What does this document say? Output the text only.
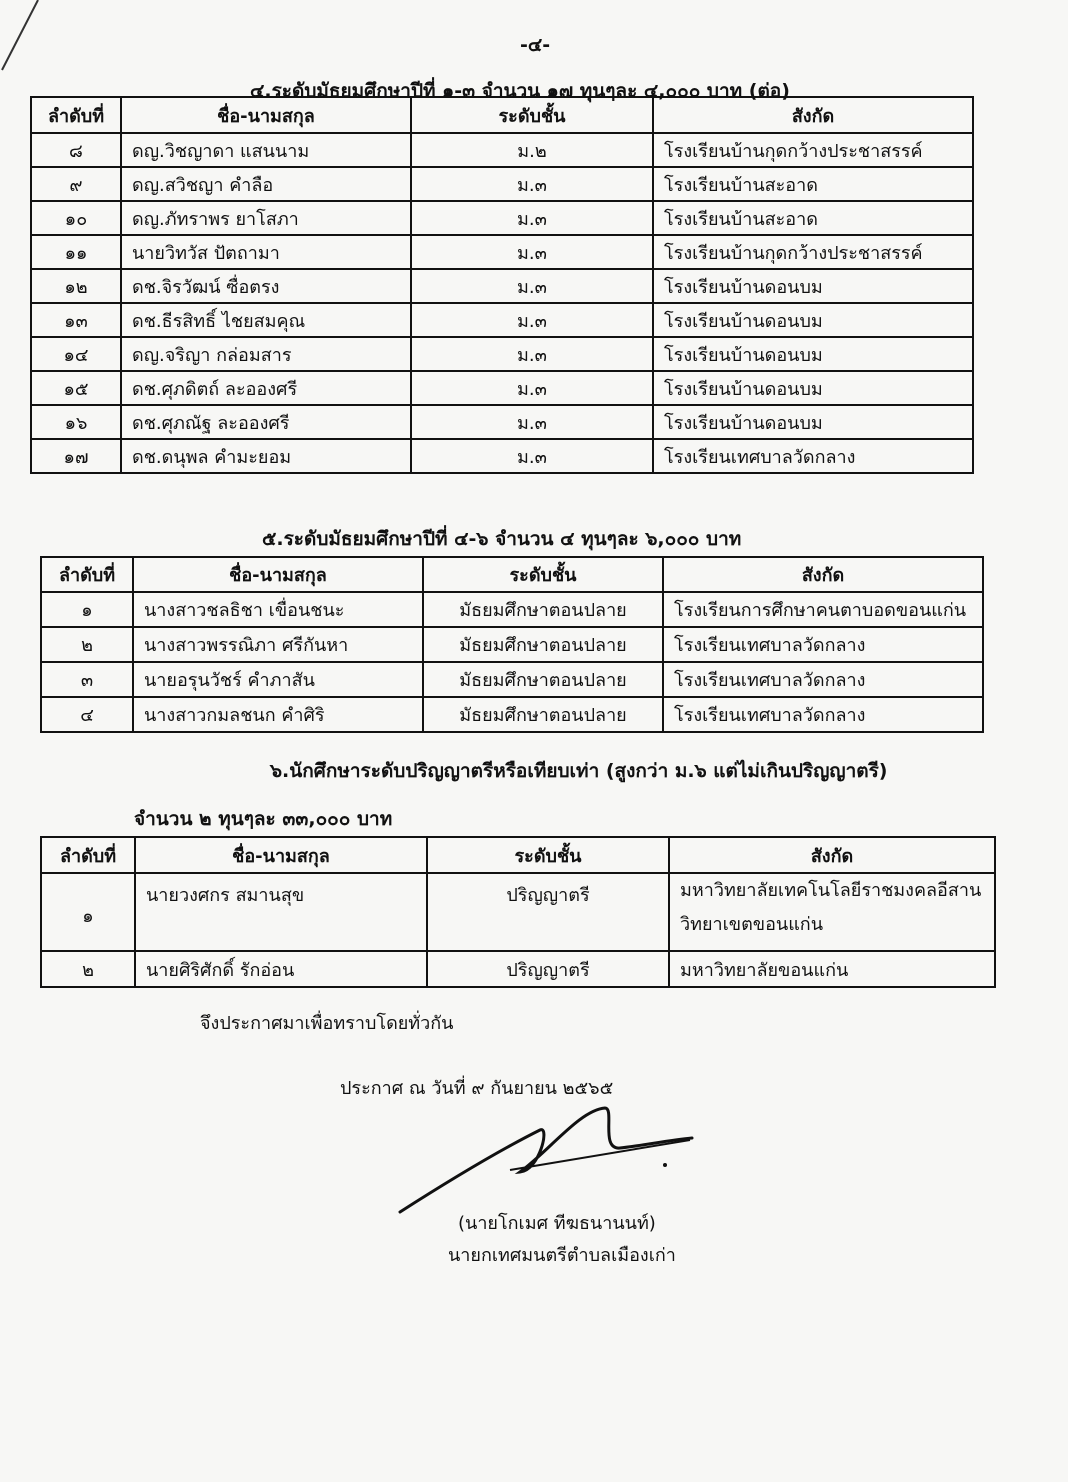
-๔-
๔.ระดับมัธยมศึกษาปีที่ ๑-๓ จำนวน ๑๗ ทุนๆละ ๔,๐๐๐ บาท (ต่อ)
ลำดับที่	ชื่อ-นามสกุล	ระดับชั้น	สังกัด
๘	ดญ.วิชญาดา แสนนาม	ม.๒	โรงเรียนบ้านกุดกว้างประชาสรรค์
๙	ดญ.สวิชญา คำลือ	ม.๓	โรงเรียนบ้านสะอาด
๑๐	ดญ.ภัทราพร ยาโสภา	ม.๓	โรงเรียนบ้านสะอาด
๑๑	นายวิทวัส ปัตถามา	ม.๓	โรงเรียนบ้านกุดกว้างประชาสรรค์
๑๒	ดช.จิรวัฒน์ ซื่อตรง	ม.๓	โรงเรียนบ้านดอนบม
๑๓	ดช.ธีรสิทธิ์ ไชยสมคุณ	ม.๓	โรงเรียนบ้านดอนบม
๑๔	ดญ.จริญา กล่อมสาร	ม.๓	โรงเรียนบ้านดอนบม
๑๕	ดช.ศุภดิตถ์ ละอองศรี	ม.๓	โรงเรียนบ้านดอนบม
๑๖	ดช.ศุภณัฐ ละอองศรี	ม.๓	โรงเรียนบ้านดอนบม
๑๗	ดช.ดนุพล คำมะยอม	ม.๓	โรงเรียนเทศบาลวัดกลาง
๕.ระดับมัธยมศึกษาปีที่ ๔-๖ จำนวน ๔ ทุนๆละ ๖,๐๐๐ บาท
ลำดับที่	ชื่อ-นามสกุล	ระดับชั้น	สังกัด
๑	นางสาวชลธิชา เขื่อนชนะ	มัธยมศึกษาตอนปลาย	โรงเรียนการศึกษาคนตาบอดขอนแก่น
๒	นางสาวพรรณิภา ศรีกันหา	มัธยมศึกษาตอนปลาย	โรงเรียนเทศบาลวัดกลาง
๓	นายอรุนวัชร์ คำภาสัน	มัธยมศึกษาตอนปลาย	โรงเรียนเทศบาลวัดกลาง
๔	นางสาวกมลชนก คำศิริ	มัธยมศึกษาตอนปลาย	โรงเรียนเทศบาลวัดกลาง
๖.นักศึกษาระดับปริญญาตรีหรือเทียบเท่า (สูงกว่า ม.๖ แต่ไม่เกินปริญญาตรี)
จำนวน ๒ ทุนๆละ ๓๓,๐๐๐ บาท
ลำดับที่	ชื่อ-นามสกุล	ระดับชั้น	สังกัด
๑	นายวงศกร สมานสุข	ปริญญาตรี	มหาวิทยาลัยเทคโนโลยีราชมงคลอีสาน
วิทยาเขตขอนแก่น

๒	นายศิริศักดิ์ รักอ่อน	ปริญญาตรี	มหาวิทยาลัยขอนแก่น
จึงประกาศมาเพื่อทราบโดยทั่วกัน
ประกาศ ณ วันที่ ๙ กันยายน ๒๕๖๕
(นายโกเมศ ทีฆธนานนท์)
นายกเทศมนตรีตำบลเมืองเก่า
